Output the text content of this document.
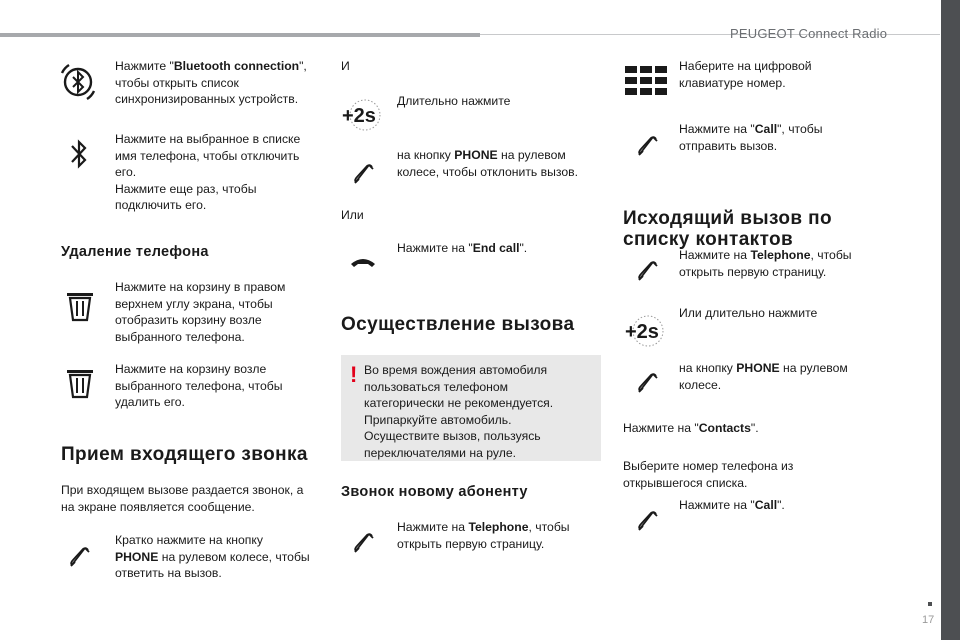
PEUGEOT Connect Radio
Нажмите "Bluetooth connection",
чтобы открыть список
синхронизированных устройств.
Нажмите на выбранное в списке
имя телефона, чтобы отключить
его.
Нажмите еще раз, чтобы
подключить его.
Удаление телефона
Нажмите на корзину в правом
верхнем углу экрана, чтобы
отобразить корзину возле
выбранного телефона.
Нажмите на корзину возле
выбранного телефона, чтобы
удалить его.
Прием входящего звонка
При входящем вызове раздается звонок, а
на экране появляется сообщение.
Кратко нажмите на кнопку
PHONE на рулевом колесе, чтобы
ответить на вызов.
И
+2s
Длительно нажмите
на кнопку PHONE на рулевом
колесе, чтобы отклонить вызов.
Или
Нажмите на "End call".
Осуществление вызова
! Во время вождения автомобиля
пользоваться телефоном
категорически не рекомендуется.
Припаркуйте автомобиль.
Осуществите вызов, пользуясь
переключателями на руле.
Звонок новому абоненту
Нажмите на Telephone, чтобы
открыть первую страницу.
Наберите на цифровой
клавиатуре номер.
Нажмите на "Call", чтобы
отправить вызов.
Исходящий вызов по
списку контактов
Нажмите на Telephone, чтобы
открыть первую страницу.
+2s
Или длительно нажмите
на кнопку PHONE на рулевом
колесе.
Нажмите на "Contacts".
Выберите номер телефона из
открывшегося списка.
Нажмите на "Call".
17
